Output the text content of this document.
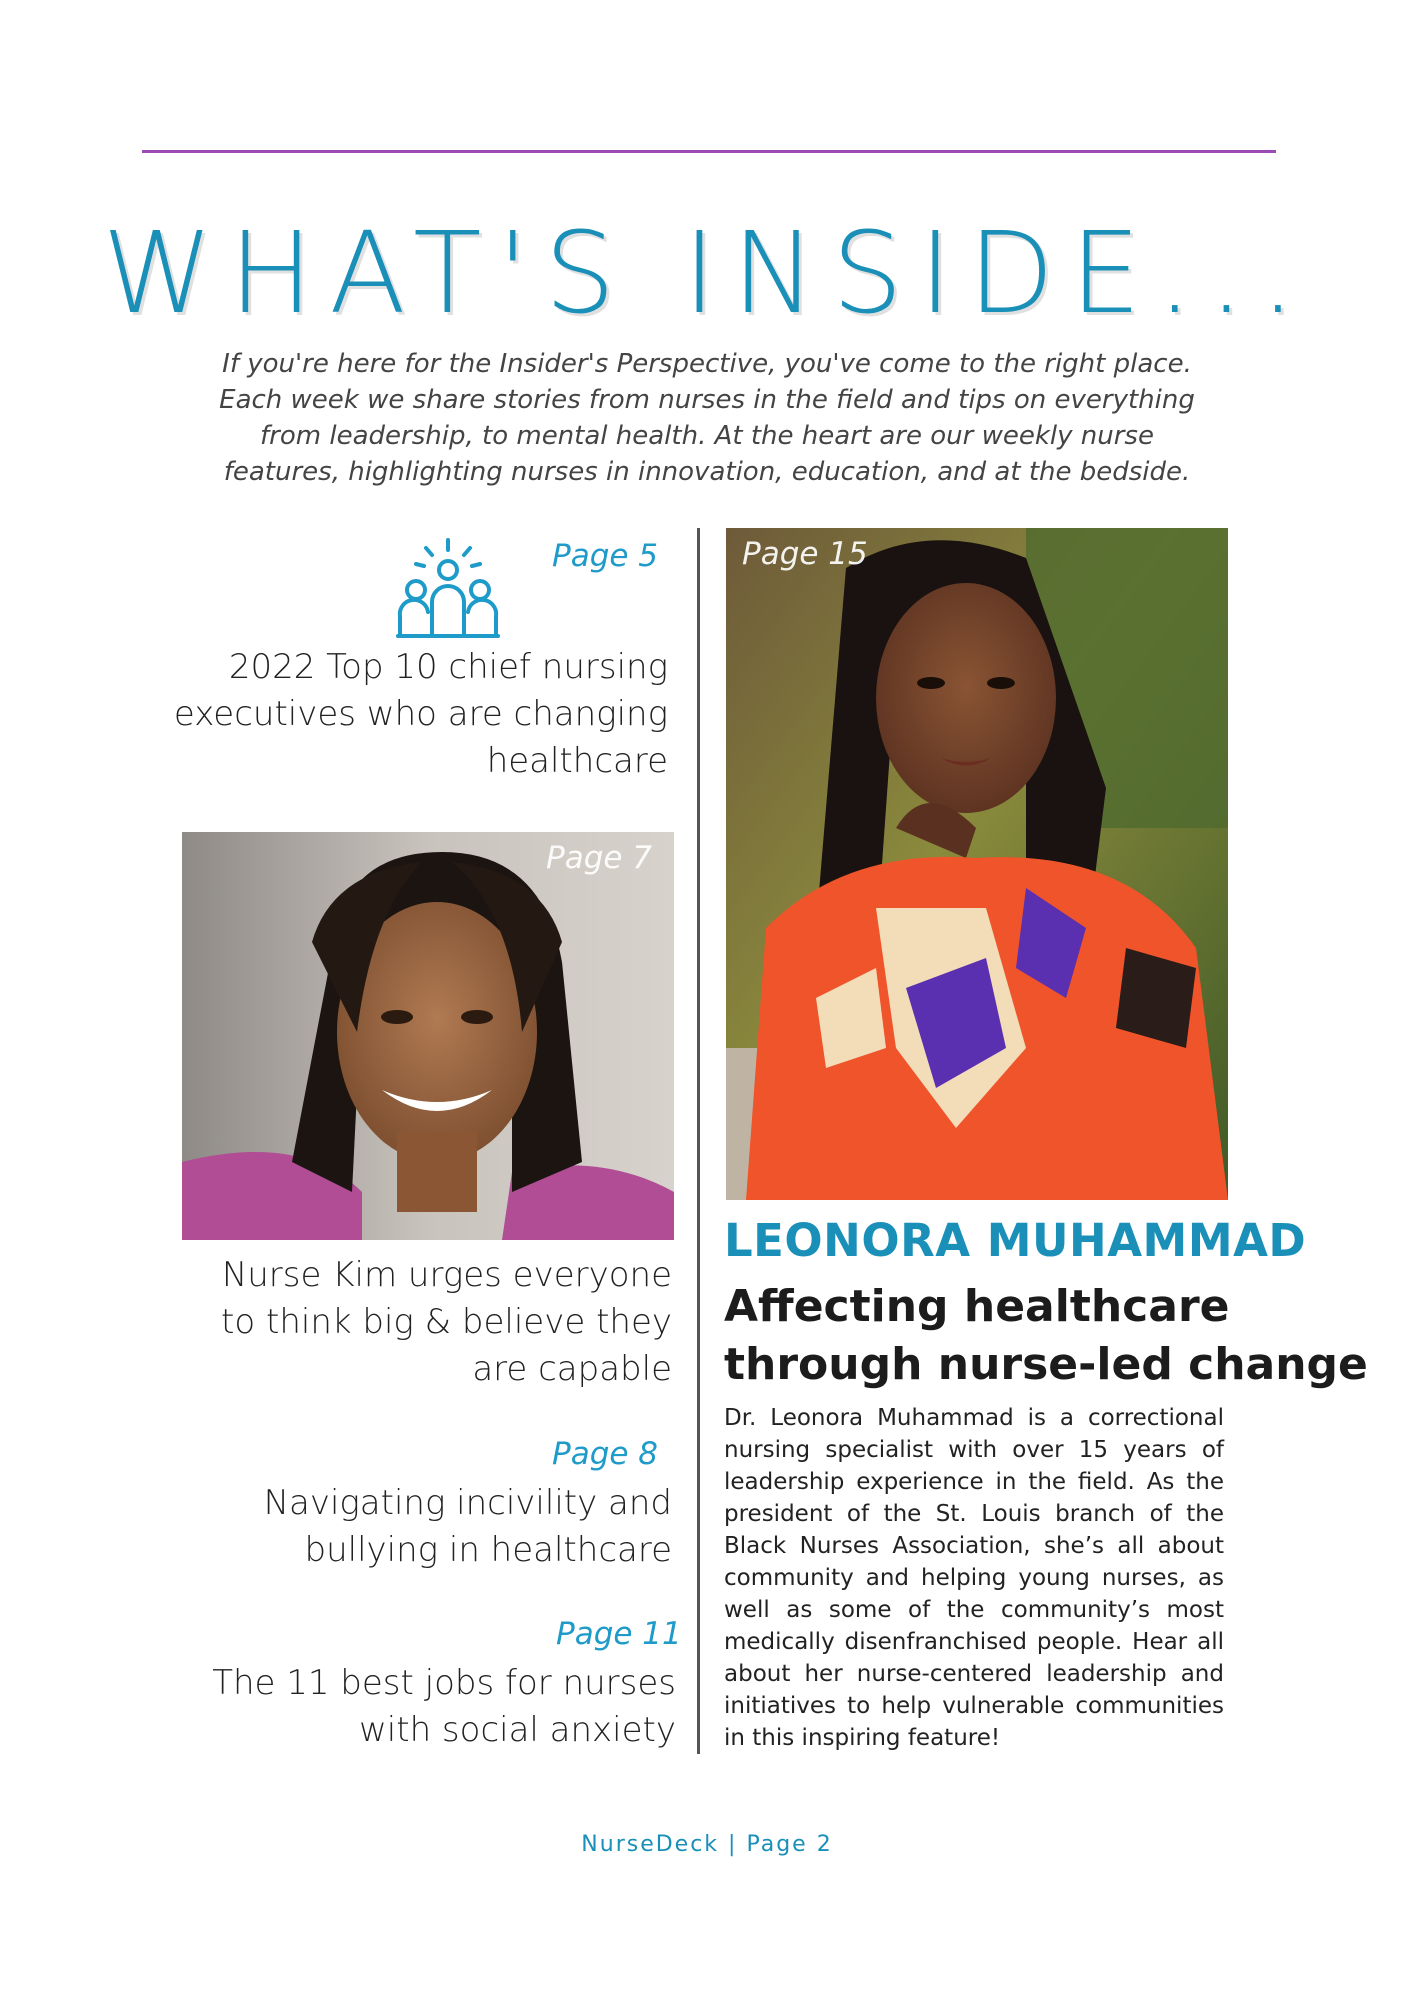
WHAT'S INSIDE...
If you're here for the Insider's Perspective, you've come to the right place.
Each week we share stories from nurses in the field and tips on everything
from leadership, to mental health. At the heart are our weekly nurse
features, highlighting nurses in innovation, education, and at the bedside.
Page 5
2022 Top 10 chief nursing
executives who are changing
healthcare
Page 7
Nurse Kim urges everyone
to think big & believe they
are capable
Page 8
Navigating incivility and
bullying in healthcare
Page 11
The 11 best jobs for nurses
with social anxiety
Page 15
LEONORA MUHAMMAD
Affecting healthcare
through nurse-led change
Dr. Leonora Muhammad is a correctional nursing specialist with over 15 years of leadership experience in the field. As the president of the St. Louis branch of the Black Nurses Association, she’s all about community and helping young nurses, as well as some of the community’s most medically disenfranchised people. Hear all about her nurse-centered leadership and initiatives to help vulnerable communities in this inspiring feature!
NurseDeck | Page 2
